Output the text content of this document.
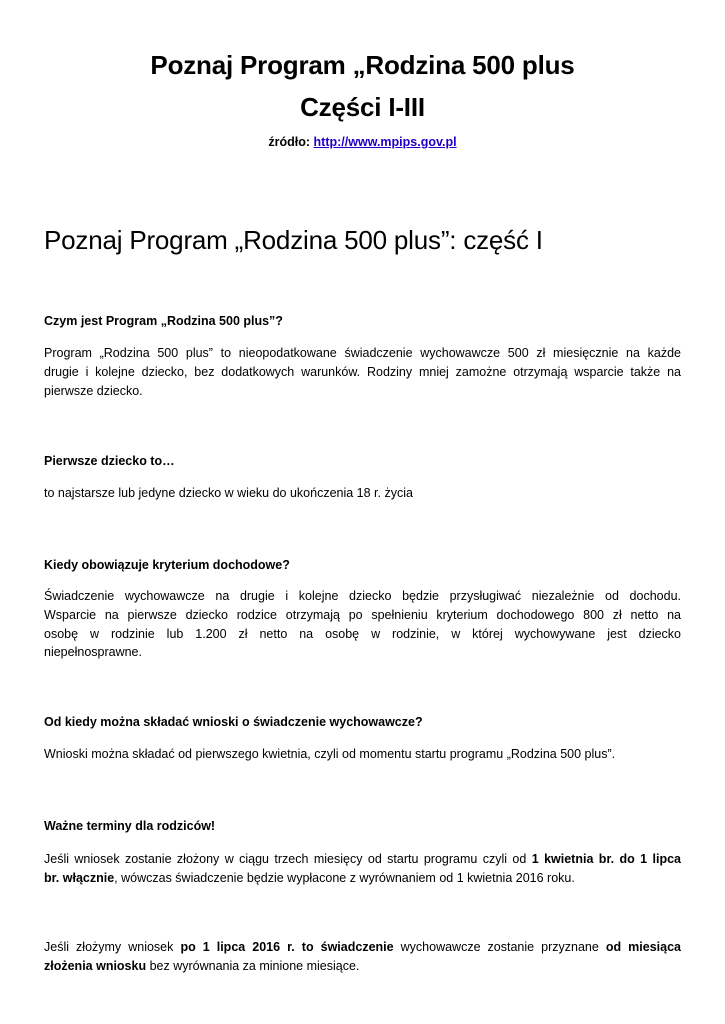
Poznaj Program „Rodzina 500 plus
Części I-III
źródło: http://www.mpips.gov.pl
Poznaj Program „Rodzina 500 plus”: część I
Czym jest Program „Rodzina 500 plus”?
Program „Rodzina 500 plus” to nieopodatkowane świadczenie wychowawcze 500 zł miesięcznie na każde
drugie i kolejne dziecko, bez dodatkowych warunków. Rodziny mniej zamożne otrzymają wsparcie także na
pierwsze dziecko.
Pierwsze dziecko to…
to najstarsze lub jedyne dziecko w wieku do ukończenia 18 r. życia
Kiedy obowiązuje kryterium dochodowe?
Świadczenie wychowawcze na drugie i kolejne dziecko będzie przysługiwać niezależnie od dochodu.
Wsparcie na pierwsze dziecko rodzice otrzymają po spełnieniu kryterium dochodowego 800 zł netto na
osobę w rodzinie lub 1.200 zł netto na osobę w rodzinie, w której wychowywane jest dziecko
niepełnosprawne.
Od kiedy można składać wnioski o świadczenie wychowawcze?
Wnioski można składać od pierwszego kwietnia, czyli od momentu startu programu „Rodzina 500 plus”.
Ważne terminy dla rodziców!
Jeśli wniosek zostanie złożony w ciągu trzech miesięcy od startu programu czyli od 1 kwietnia br. do 1 lipca
br. włącznie, wówczas świadczenie będzie wypłacone z wyrównaniem od 1 kwietnia 2016 roku.
Jeśli złożymy wniosek po 1 lipca 2016 r. to świadczenie wychowawcze zostanie przyznane od miesiąca
złożenia wniosku bez wyrównania za minione miesiące.
